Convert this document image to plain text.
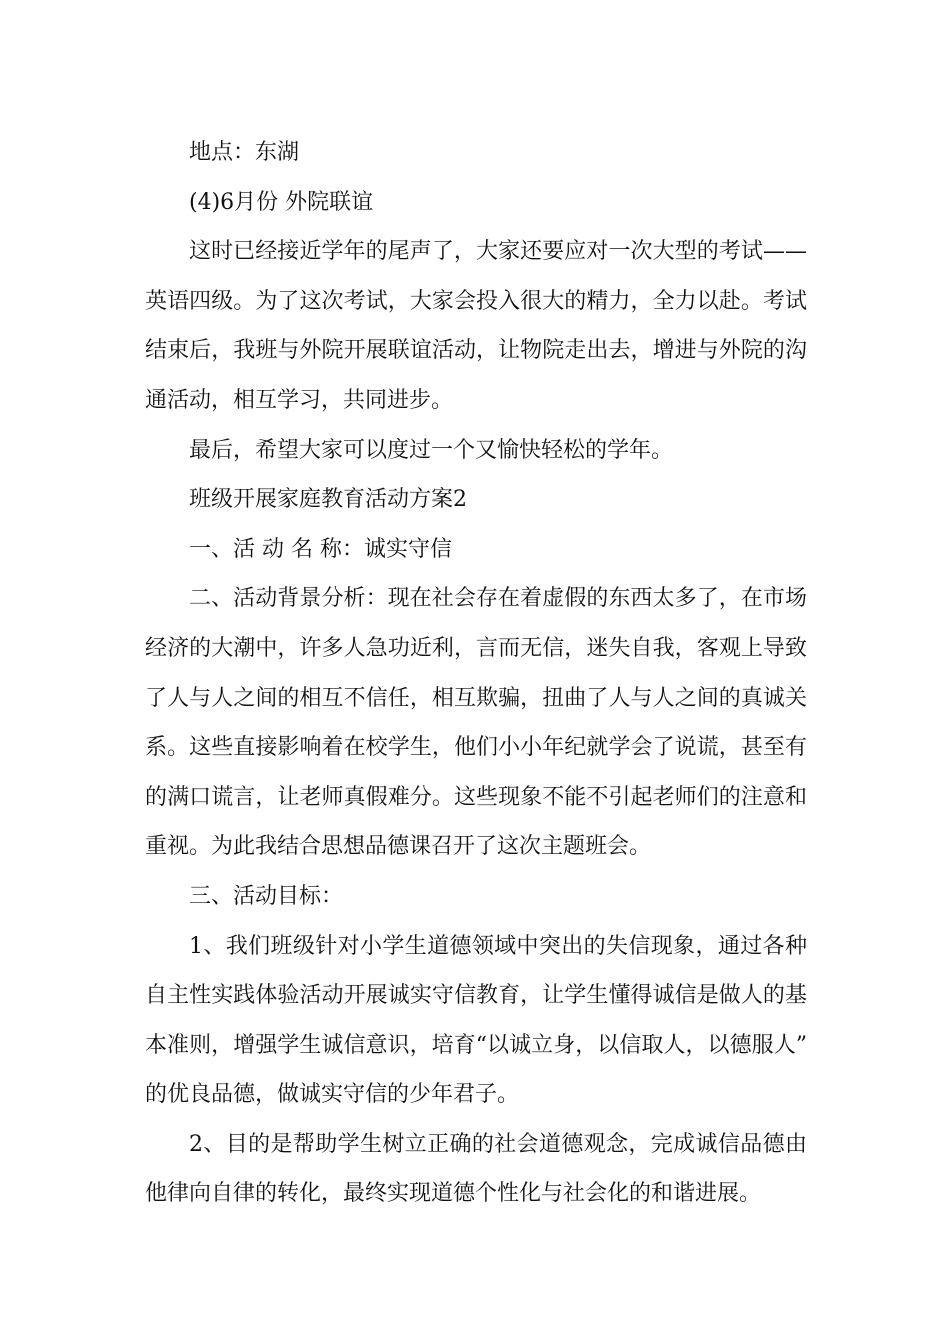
地点：东湖

(4)6月份 外院联谊

这时已经接近学年的尾声了，大家还要应对一次大型的考试——英语四级。为了这次考试，大家会投入很大的精力，全力以赴。考试结束后，我班与外院开展联谊活动，让物院走出去，增进与外院的沟通活动，相互学习，共同进步。

最后，希望大家可以度过一个又愉快轻松的学年。

班级开展家庭教育活动方案2

一、活 动 名 称：诚实守信

二、活动背景分析：现在社会存在着虚假的东西太多了，在市场经济的大潮中，许多人急功近利，言而无信，迷失自我，客观上导致了人与人之间的相互不信任，相互欺骗，扭曲了人与人之间的真诚关系。这些直接影响着在校学生，他们小小年纪就学会了说谎，甚至有的满口谎言，让老师真假难分。这些现象不能不引起老师们的注意和重视。为此我结合思想品德课召开了这次主题班会。

三、活动目标：

1、我们班级针对小学生道德领域中突出的失信现象，通过各种自主性实践体验活动开展诚实守信教育，让学生懂得诚信是做人的基本准则，增强学生诚信意识，培育“以诚立身，以信取人，以德服人”的优良品德，做诚实守信的少年君子。

2、目的是帮助学生树立正确的社会道德观念，完成诚信品德由他律向自律的转化，最终实现道德个性化与社会化的和谐进展。
